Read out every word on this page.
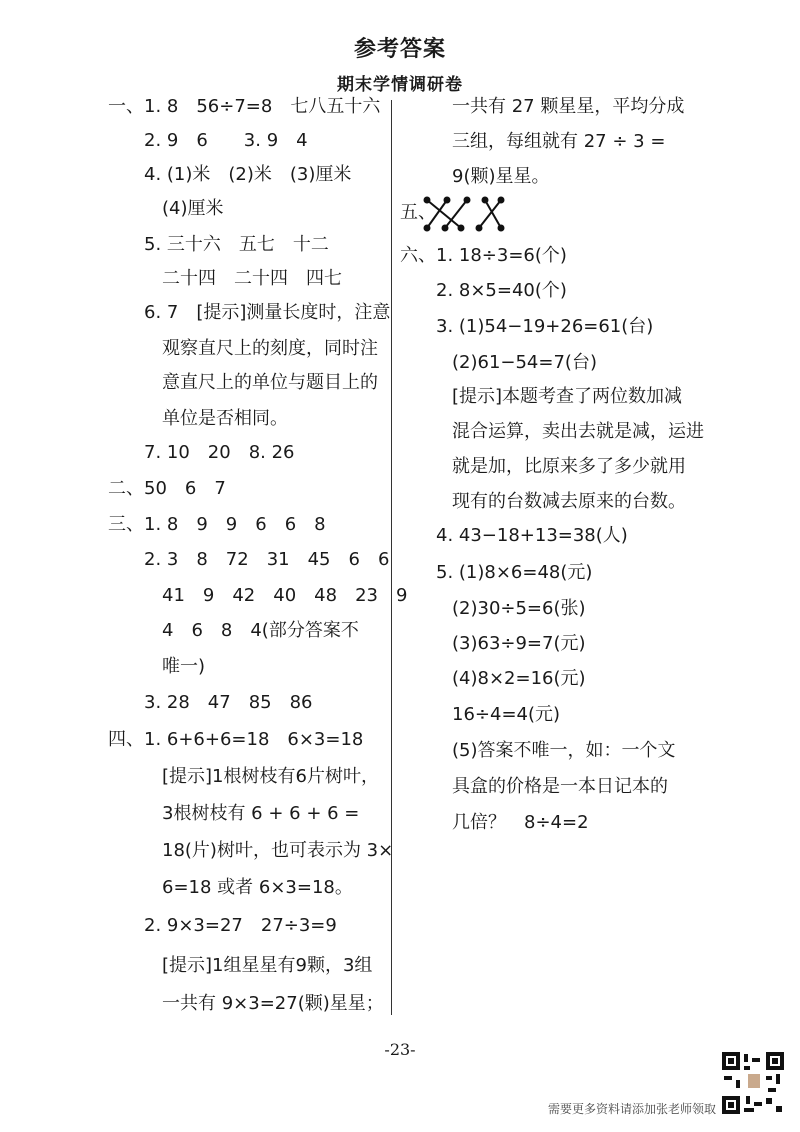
参考答案
期末学情调研卷
一、1. 8　56÷7=8　七八五十六
2. 9　6　　3. 9　4
4. (1)米　(2)米　(3)厘米
(4)厘米
5. 三十六　五七　十二
二十四　二十四　四七
6. 7　[提示]测量长度时，注意
观察直尺上的刻度，同时注
意直尺上的单位与题目上的
单位是否相同。
7. 10　20　8. 26
二、50　6　7
三、1. 8　9　9　6　6　8
2. 3　8　72　31　45　6　6
41　9　42　40　48　23　9
4　6　8　4(部分答案不
唯一)
3. 28　47　85　86
四、1. 6+6+6=18　6×3=18
[提示]1根树枝有6片树叶，
3根树枝有 6 + 6 + 6 =
18(片)树叶，也可表示为 3×
6=18 或者 6×3=18。
2. 9×3=27　27÷3=9
[提示]1组星星有9颗，3组
一共有 9×3=27(颗)星星；
一共有 27 颗星星，平均分成
三组，每组就有 27 ÷ 3 =
9(颗)星星。
五、
六、1. 18÷3=6(个)
2. 8×5=40(个)
3. (1)54−19+26=61(台)
(2)61−54=7(台)
[提示]本题考查了两位数加减
混合运算，卖出去就是减，运进
就是加，比原来多了多少就用
现有的台数减去原来的台数。
4. 43−18+13=38(人)
5. (1)8×6=48(元)
(2)30÷5=6(张)
(3)63÷9=7(元)
(4)8×2=16(元)
16÷4=4(元)
(5)答案不唯一，如：一个文
具盒的价格是一本日记本的
几倍？　8÷4=2
-23-
需要更多资料请添加张老师领取
